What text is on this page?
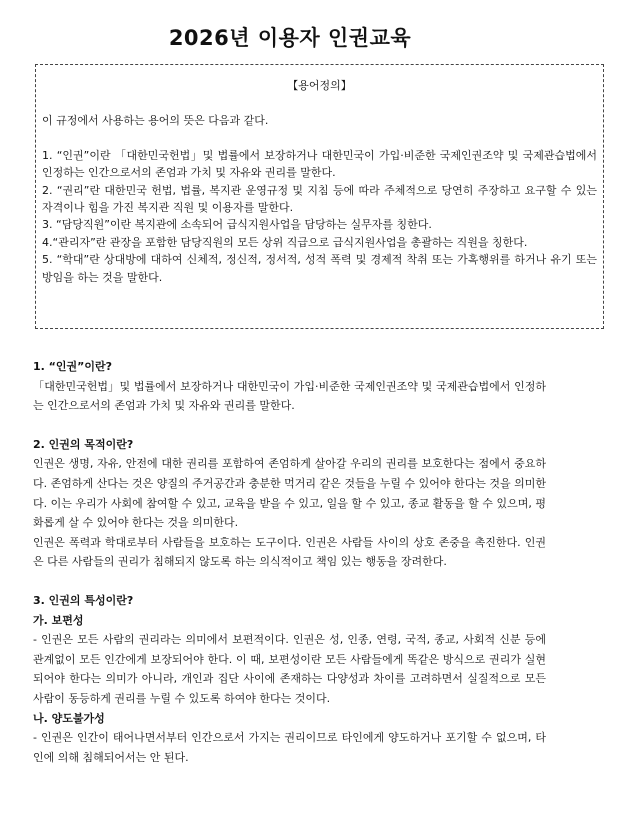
2026년 이용자 인권교육
【용어정의】

이 규정에서 사용하는 용어의 뜻은 다음과 같다.

1. “인권”이란 「대한민국헌법」및 법률에서 보장하거나 대한민국이 가입·비준한 국제인권조약 및 국제관습법에서 인정하는 인간으로서의 존엄과 가치 및 자유와 권리를 말한다.

2. “권리”란 대한민국 헌법, 법률, 복지관 운영규정 및 지침 등에 따라 주체적으로 당연히 주장하고 요구할 수 있는 자격이나 힘을 가진 복지관 직원 및 이용자를 말한다.

3. “담당직원”이란 복지관에 소속되어 급식지원사업을 담당하는 실무자를 칭한다.

4.“관리자”란 관장을 포함한 담당직원의 모든 상위 직급으로 급식지원사업을 총괄하는 직원을 칭한다.

5. “학대”란 상대방에 대하여 신체적, 정신적, 정서적, 성적 폭력 및 경제적 착취 또는 가혹행위를 하거나 유기 또는 방임을 하는 것을 말한다.

1. “인권”이란?

「대한민국헌법」및 법률에서 보장하거나 대한민국이 가입·비준한 국제인권조약 및 국제관습법에서 인정하는 인간으로서의 존엄과 가치 및 자유와 권리를 말한다.

2. 인권의 목적이란?

인권은 생명, 자유, 안전에 대한 권리를 포함하여 존엄하게 살아갈 우리의 권리를 보호한다는 점에서 중요하다. 존엄하게 산다는 것은 양질의 주거공간과 충분한 먹거리 같은 것들을 누릴 수 있어야 한다는 것을 의미한다. 이는 우리가 사회에 참여할 수 있고, 교육을 받을 수 있고, 일을 할 수 있고, 종교 활동을 할 수 있으며, 평화롭게 살 수 있어야 한다는 것을 의미한다.

인권은 폭력과 학대로부터 사람들을 보호하는 도구이다. 인권은 사람들 사이의 상호 존중을 촉진한다. 인권은 다른 사람들의 권리가 침해되지 않도록 하는 의식적이고 책임 있는 행동을 장려한다.

3. 인권의 특성이란?

가. 보편성

- 인권은 모든 사람의 권리라는 의미에서 보편적이다. 인권은 성, 인종, 연령, 국적, 종교, 사회적 신분 등에 관계없이 모든 인간에게 보장되어야 한다. 이 때, 보편성이란 모든 사람들에게 똑같은 방식으로 권리가 실현되어야 한다는 의미가 아니라, 개인과 집단 사이에 존재하는 다양성과 차이를 고려하면서 실질적으로 모든 사람이 동등하게 권리를 누릴 수 있도록 하여야 한다는 것이다.

나. 양도불가성

- 인권은 인간이 태어나면서부터 인간으로서 가지는 권리이므로 타인에게 양도하거나 포기할 수 없으며, 타인에 의해 침해되어서는 안 된다.
